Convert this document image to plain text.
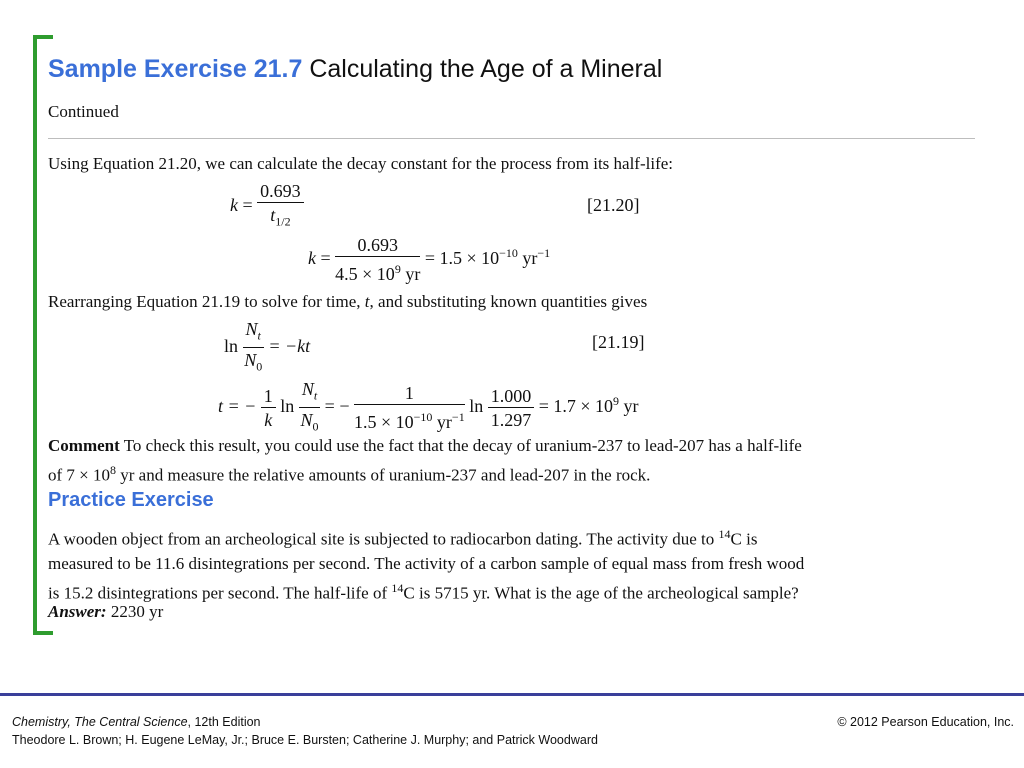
Sample Exercise 21.7 Calculating the Age of a Mineral
Continued
Using Equation 21.20, we can calculate the decay constant for the process from its half-life:
$k = \frac{0.693}{t_{1/2}}$	[21.20]
$k = \frac{0.693}{4.5 \times 10^9 yr} = 1.5 \times 10^{-10}$ $yr^{-1}$
Rearranging Equation 21.19 to solve for time, t, and substituting known quantities gives
$\ln \frac{N_t}{N_0} = -kt$	[21.19]
t = − $\frac{1}{k}$ $\ln \frac{N_t}{N_0}$ = − $\frac{1}{1.5 \times 10^{-10} yr^{-1}}$ $\ln \frac{1.000}{1.297} = 1.7 \times 10^9$ yr
Comment To check this result, you could use the fact that the decay of uranium-237 to lead-207 has a half-life
of $7 \times 10^8$ yr and measure the relative amounts of uranium-237 and lead-207 in the rock.
Practice Exercise
A wooden object from an archeological site is subjected to radiocarbon dating. The activity due to $^{14}$C is
measured to be 11.6 disintegrations per second. The activity of a carbon sample of equal mass from fresh wood
is 15.2 disintegrations per second. The half-life of $^{14}$C is 5715 yr. What is the age of the archeological sample?
Answer: 2230 yr
Chemistry, The Central Science, 12th Edition
Theodore L. Brown; H. Eugene LeMay, Jr.; Bruce E. Bursten; Catherine J. Murphy; and Patrick Woodward
© 2012 Pearson Education, Inc.
